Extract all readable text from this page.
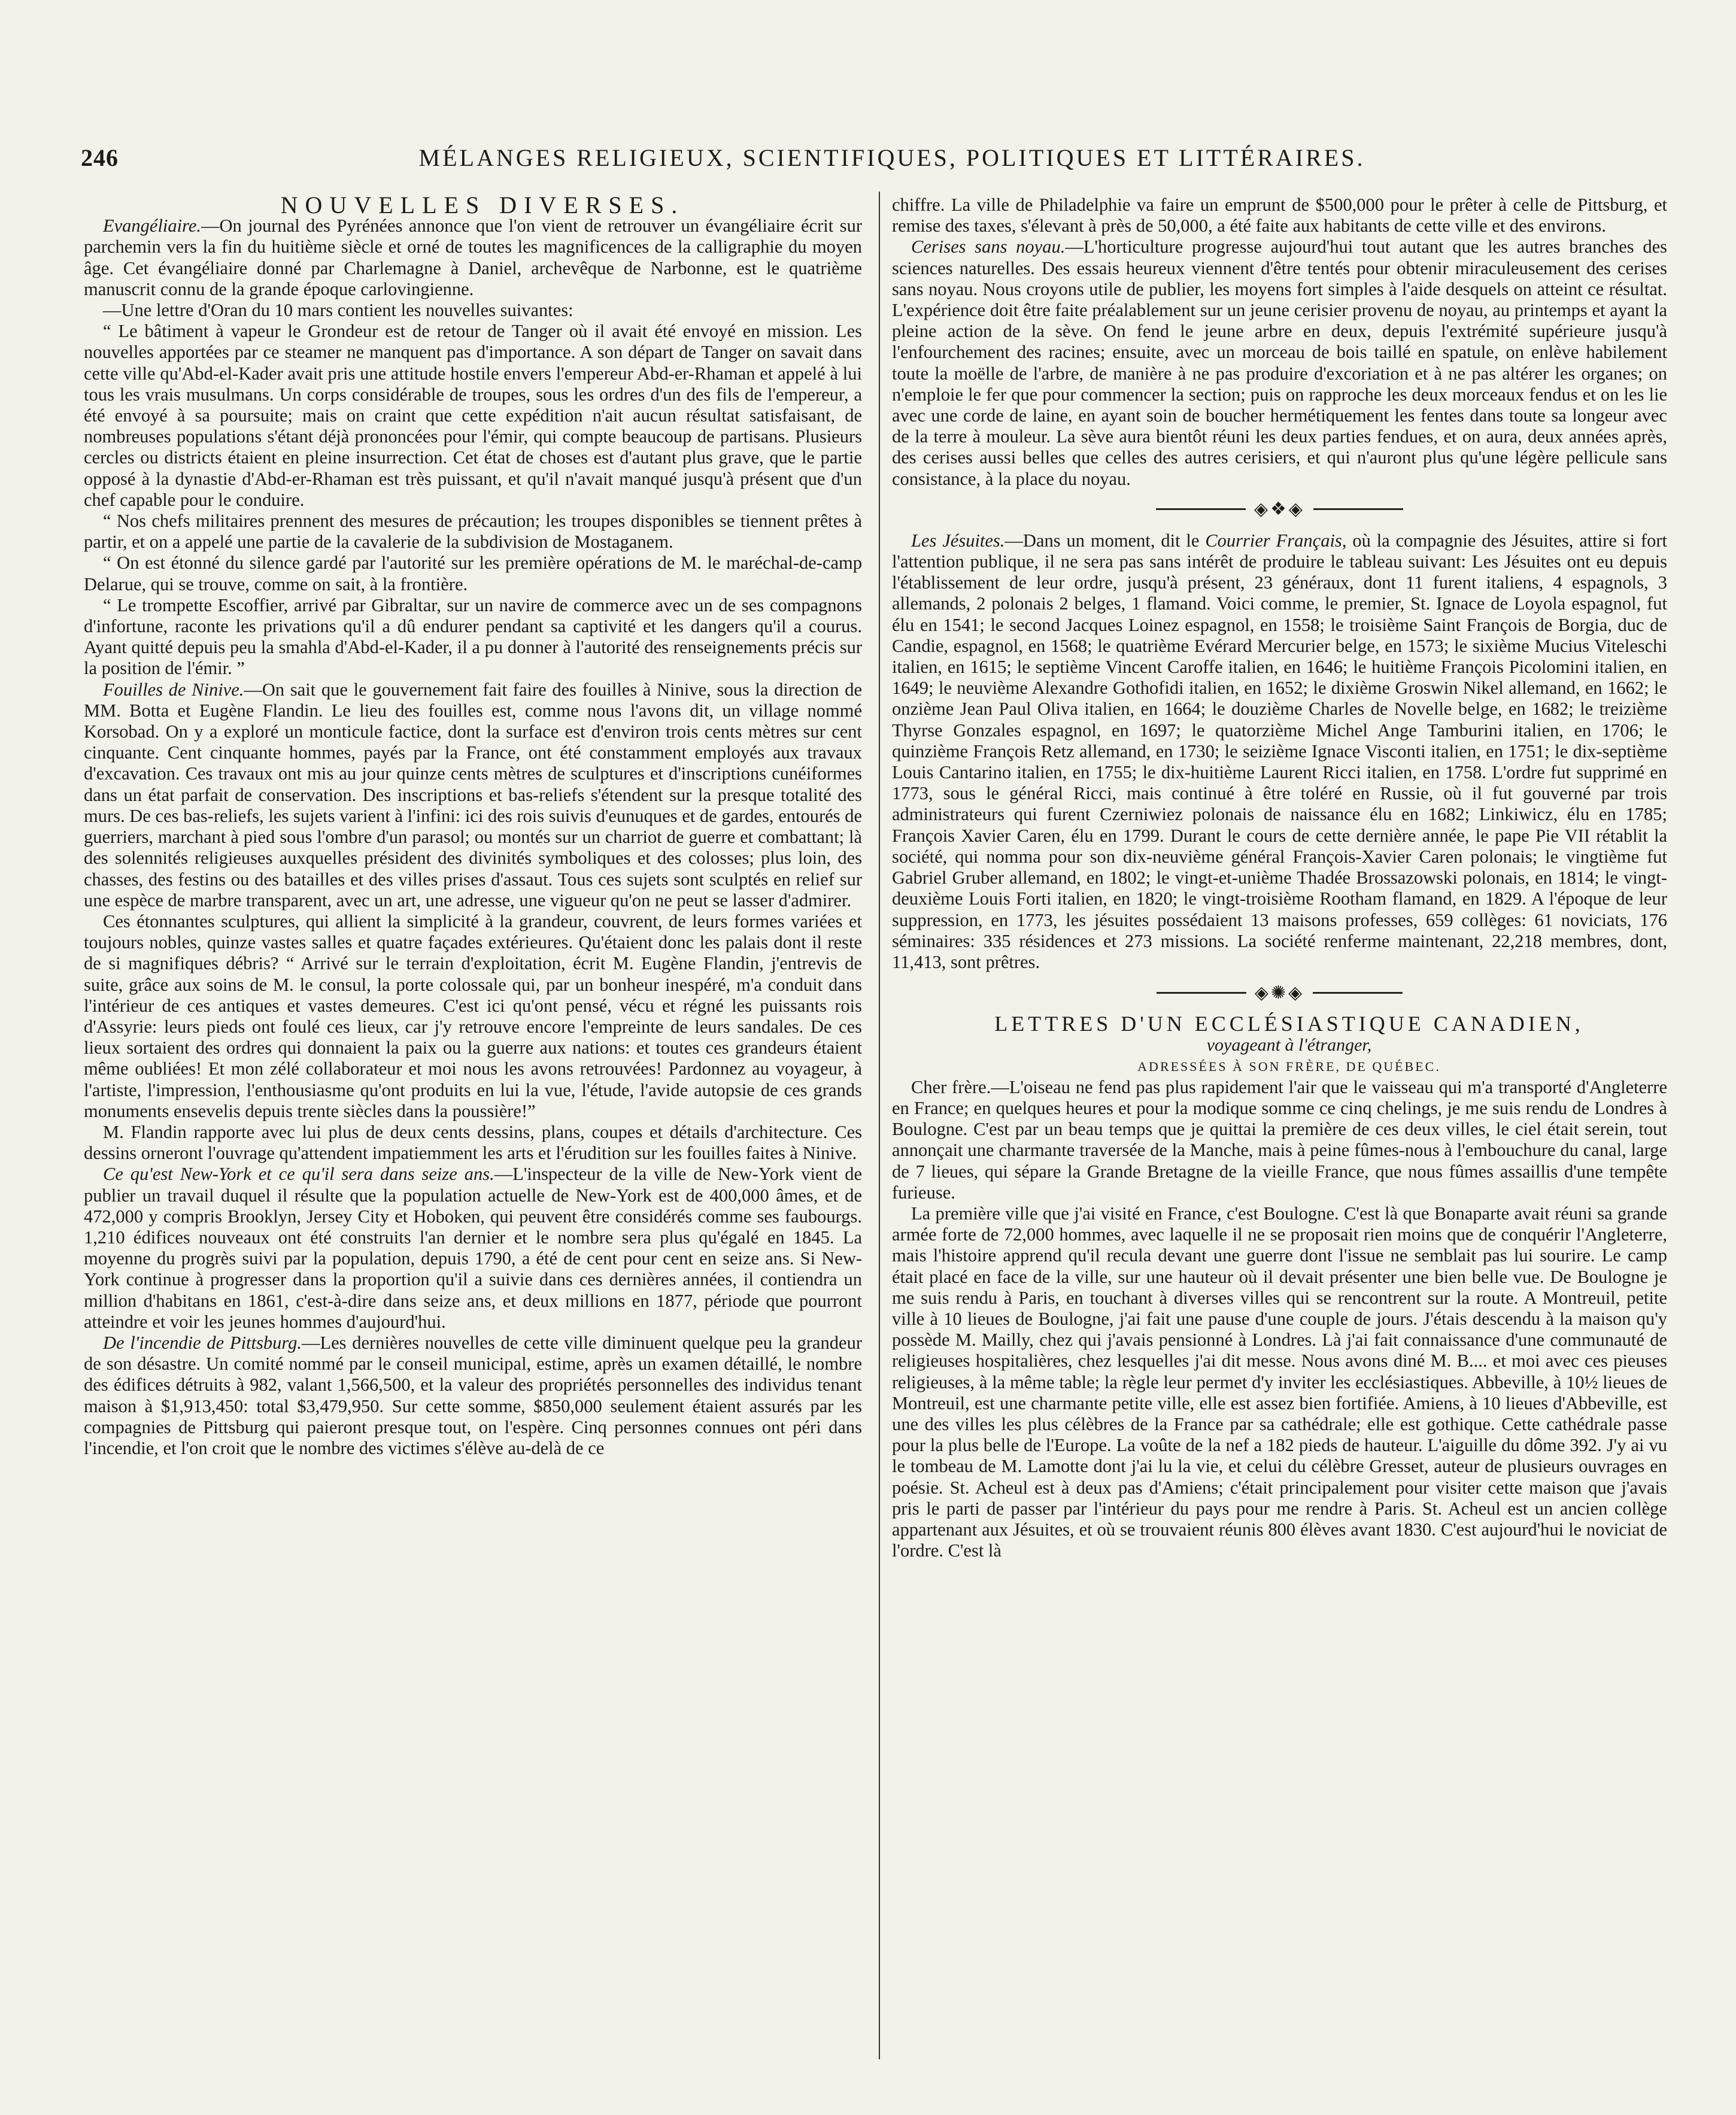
246	MÉLANGES RELIGIEUX, SCIENTIFIQUES, POLITIQUES ET LITTÉRAIRES.

NOUVELLES DIVERSES.

Evangéliaire.—On journal des Pyrénées annonce que l'on vient de retrouver un évangéliaire écrit sur parchemin vers la fin du huitième siècle et orné de toutes les magnificences de la calligraphie du moyen âge. Cet évangéliaire donné par Charlemagne à Daniel, archevêque de Narbonne, est le quatrième manuscrit connu de la grande époque carlovingienne.

—Une lettre d'Oran du 10 mars contient les nouvelles suivantes:

“ Le bâtiment à vapeur le Grondeur est de retour de Tanger où il avait été envoyé en mission. Les nouvelles apportées par ce steamer ne manquent pas d'importance. A son départ de Tanger on savait dans cette ville qu'Abd-el-Kader avait pris une attitude hostile envers l'empereur Abd-er-Rhaman et appelé à lui tous les vrais musulmans. Un corps considérable de troupes, sous les ordres d'un des fils de l'empereur, a été envoyé à sa poursuite; mais on craint que cette expédition n'ait aucun résultat satisfaisant, de nombreuses populations s'étant déjà prononcées pour l'émir, qui compte beaucoup de partisans. Plusieurs cercles ou districts étaient en pleine insurrection. Cet état de choses est d'autant plus grave, que le partie opposé à la dynastie d'Abd-er-Rhaman est très puissant, et qu'il n'avait manqué jusqu'à présent que d'un chef capable pour le conduire.

“ Nos chefs militaires prennent des mesures de précaution; les troupes disponibles se tiennent prêtes à partir, et on a appelé une partie de la cavalerie de la subdivision de Mostaganem.

“ On est étonné du silence gardé par l'autorité sur les première opérations de M. le maréchal-de-camp Delarue, qui se trouve, comme on sait, à la frontière.

“ Le trompette Escoffier, arrivé par Gibraltar, sur un navire de commerce avec un de ses compagnons d'infortune, raconte les privations qu'il a dû endurer pendant sa captivité et les dangers qu'il a courus. Ayant quitté depuis peu la smahla d'Abd-el-Kader, il a pu donner à l'autorité des renseignements précis sur la position de l'émir. ”

Fouilles de Ninive.—On sait que le gouvernement fait faire des fouilles à Ninive, sous la direction de MM. Botta et Eugène Flandin. Le lieu des fouilles est, comme nous l'avons dit, un village nommé Korsobad. On y a exploré un monticule factice, dont la surface est d'environ trois cents mètres sur cent cinquante. Cent cinquante hommes, payés par la France, ont été constamment employés aux travaux d'excavation. Ces travaux ont mis au jour quinze cents mètres de sculptures et d'inscriptions cunéiformes dans un état parfait de conservation. Des inscriptions et bas-reliefs s'étendent sur la presque totalité des murs. De ces bas-reliefs, les sujets varient à l'infini: ici des rois suivis d'eunuques et de gardes, entourés de guerriers, marchant à pied sous l'ombre d'un parasol; ou montés sur un charriot de guerre et combattant; là des solennités religieuses auxquelles président des divinités symboliques et des colosses; plus loin, des chasses, des festins ou des batailles et des villes prises d'assaut. Tous ces sujets sont sculptés en relief sur une espèce de marbre transparent, avec un art, une adresse, une vigueur qu'on ne peut se lasser d'admirer.

Ces étonnantes sculptures, qui allient la simplicité à la grandeur, couvrent, de leurs formes variées et toujours nobles, quinze vastes salles et quatre façades extérieures. Qu'étaient donc les palais dont il reste de si magnifiques débris? “ Arrivé sur le terrain d'exploitation, écrit M. Eugène Flandin, j'entrevis de suite, grâce aux soins de M. le consul, la porte colossale qui, par un bonheur inespéré, m'a conduit dans l'intérieur de ces antiques et vastes demeures. C'est ici qu'ont pensé, vécu et régné les puissants rois d'Assyrie: leurs pieds ont foulé ces lieux, car j'y retrouve encore l'empreinte de leurs sandales. De ces lieux sortaient des ordres qui donnaient la paix ou la guerre aux nations: et toutes ces grandeurs étaient même oubliées! Et mon zélé collaborateur et moi nous les avons retrouvées! Pardonnez au voyageur, à l'artiste, l'impression, l'enthousiasme qu'ont produits en lui la vue, l'étude, l'avide autopsie de ces grands monuments ensevelis depuis trente siècles dans la poussière!”

M. Flandin rapporte avec lui plus de deux cents dessins, plans, coupes et détails d'architecture. Ces dessins orneront l'ouvrage qu'attendent impatiemment les arts et l'érudition sur les fouilles faites à Ninive.

Ce qu'est New-York et ce qu'il sera dans seize ans.—L'inspecteur de la ville de New-York vient de publier un travail duquel il résulte que la population actuelle de New-York est de 400,000 âmes, et de 472,000 y compris Brooklyn, Jersey City et Hoboken, qui peuvent être considérés comme ses faubourgs. 1,210 édifices nouveaux ont été construits l'an dernier et le nombre sera plus qu'égalé en 1845. La moyenne du progrès suivi par la population, depuis 1790, a été de cent pour cent en seize ans. Si New-York continue à progresser dans la proportion qu'il a suivie dans ces dernières années, il contiendra un million d'habitans en 1861, c'est-à-dire dans seize ans, et deux millions en 1877, période que pourront atteindre et voir les jeunes hommes d'aujourd'hui.

De l'incendie de Pittsburg.—Les dernières nouvelles de cette ville diminuent quelque peu la grandeur de son désastre. Un comité nommé par le conseil municipal, estime, après un examen détaillé, le nombre des édifices détruits à 982, valant 1,566,500, et la valeur des propriétés personnelles des individus tenant maison à $1,913,450: total $3,479,950. Sur cette somme, $850,000 seulement étaient assurés par les compagnies de Pittsburg qui paieront presque tout, on l'espère. Cinq personnes connues ont péri dans l'incendie, et l'on croit que le nombre des victimes s'élève au-delà de ce

chiffre. La ville de Philadelphie va faire un emprunt de $500,000 pour le prêter à celle de Pittsburg, et remise des taxes, s'élevant à près de 50,000, a été faite aux habitants de cette ville et des environs.

Cerises sans noyau.—L'horticulture progresse aujourd'hui tout autant que les autres branches des sciences naturelles. Des essais heureux viennent d'être tentés pour obtenir miraculeusement des cerises sans noyau. Nous croyons utile de publier, les moyens fort simples à l'aide desquels on atteint ce résultat. L'expérience doit être faite préalablement sur un jeune cerisier provenu de noyau, au printemps et ayant la pleine action de la sève. On fend le jeune arbre en deux, depuis l'extrémité supérieure jusqu'à l'enfourchement des racines; ensuite, avec un morceau de bois taillé en spatule, on enlève habilement toute la moëlle de l'arbre, de manière à ne pas produire d'excoriation et à ne pas altérer les organes; on n'emploie le fer que pour commencer la section; puis on rapproche les deux morceaux fendus et on les lie avec une corde de laine, en ayant soin de boucher hermétiquement les fentes dans toute sa longeur avec de la terre à mouleur. La sève aura bientôt réuni les deux parties fendues, et on aura, deux années après, des cerises aussi belles que celles des autres cerisiers, et qui n'auront plus qu'une légère pellicule sans consistance, à la place du noyau.

◈❖◈

Les Jésuites.—Dans un moment, dit le Courrier Français, où la compagnie des Jésuites, attire si fort l'attention publique, il ne sera pas sans intérêt de produire le tableau suivant: Les Jésuites ont eu depuis l'établissement de leur ordre, jusqu'à présent, 23 généraux, dont 11 furent italiens, 4 espagnols, 3 allemands, 2 polonais 2 belges, 1 flamand. Voici comme, le premier, St. Ignace de Loyola espagnol, fut élu en 1541; le second Jacques Loinez espagnol, en 1558; le troisième Saint François de Borgia, duc de Candie, espagnol, en 1568; le quatrième Evérard Mercurier belge, en 1573; le sixième Mucius Viteleschi italien, en 1615; le septième Vincent Caroffe italien, en 1646; le huitième François Picolomini italien, en 1649; le neuvième Alexandre Gothofidi italien, en 1652; le dixième Groswin Nikel allemand, en 1662; le onzième Jean Paul Oliva italien, en 1664; le douzième Charles de Novelle belge, en 1682; le treizième Thyrse Gonzales espagnol, en 1697; le quatorzième Michel Ange Tamburini italien, en 1706; le quinzième François Retz allemand, en 1730; le seizième Ignace Visconti italien, en 1751; le dix-septième Louis Cantarino italien, en 1755; le dix-huitième Laurent Ricci italien, en 1758. L'ordre fut supprimé en 1773, sous le général Ricci, mais continué à être toléré en Russie, où il fut gouverné par trois administrateurs qui furent Czerniwiez polonais de naissance élu en 1682; Linkiwicz, élu en 1785; François Xavier Caren, élu en 1799. Durant le cours de cette dernière année, le pape Pie VII rétablit la société, qui nomma pour son dix-neuvième général François-Xavier Caren polonais; le vingtième fut Gabriel Gruber allemand, en 1802; le vingt-et-unième Thadée Brossazowski polonais, en 1814; le vingt-deuxième Louis Forti italien, en 1820; le vingt-troisième Rootham flamand, en 1829. A l'époque de leur suppression, en 1773, les jésuites possédaient 13 maisons professes, 659 collèges: 61 noviciats, 176 séminaires: 335 résidences et 273 missions. La société renferme maintenant, 22,218 membres, dont, 11,413, sont prêtres.

◈✺◈

LETTRES D'UN ECCLÉSIASTIQUE CANADIEN,

voyageant à l'étranger,

ADRESSÉES À SON FRÈRE, DE QUÉBEC.

Cher frère.—L'oiseau ne fend pas plus rapidement l'air que le vaisseau qui m'a transporté d'Angleterre en France; en quelques heures et pour la modique somme ce cinq chelings, je me suis rendu de Londres à Boulogne. C'est par un beau temps que je quittai la première de ces deux villes, le ciel était serein, tout annonçait une charmante traversée de la Manche, mais à peine fûmes-nous à l'embouchure du canal, large de 7 lieues, qui sépare la Grande Bretagne de la vieille France, que nous fûmes assaillis d'une tempête furieuse.

La première ville que j'ai visité en France, c'est Boulogne. C'est là que Bonaparte avait réuni sa grande armée forte de 72,000 hommes, avec laquelle il ne se proposait rien moins que de conquérir l'Angleterre, mais l'histoire apprend qu'il recula devant une guerre dont l'issue ne semblait pas lui sourire. Le camp était placé en face de la ville, sur une hauteur où il devait présenter une bien belle vue. De Boulogne je me suis rendu à Paris, en touchant à diverses villes qui se rencontrent sur la route. A Montreuil, petite ville à 10 lieues de Boulogne, j'ai fait une pause d'une couple de jours. J'étais descendu à la maison qu'y possède M. Mailly, chez qui j'avais pensionné à Londres. Là j'ai fait connaissance d'une communauté de religieuses hospitalières, chez lesquelles j'ai dit messe. Nous avons diné M. B.... et moi avec ces pieuses religieuses, à la même table; la règle leur permet d'y inviter les ecclésiastiques. Abbeville, à 10½ lieues de Montreuil, est une charmante petite ville, elle est assez bien fortifiée. Amiens, à 10 lieues d'Abbeville, est une des villes les plus célèbres de la France par sa cathédrale; elle est gothique. Cette cathédrale passe pour la plus belle de l'Europe. La voûte de la nef a 182 pieds de hauteur. L'aiguille du dôme 392. J'y ai vu le tombeau de M. Lamotte dont j'ai lu la vie, et celui du célèbre Gresset, auteur de plusieurs ouvrages en poésie. St. Acheul est à deux pas d'Amiens; c'était principalement pour visiter cette maison que j'avais pris le parti de passer par l'intérieur du pays pour me rendre à Paris. St. Acheul est un ancien collège appartenant aux Jésuites, et où se trouvaient réunis 800 élèves avant 1830. C'est aujourd'hui le noviciat de l'ordre. C'est là
